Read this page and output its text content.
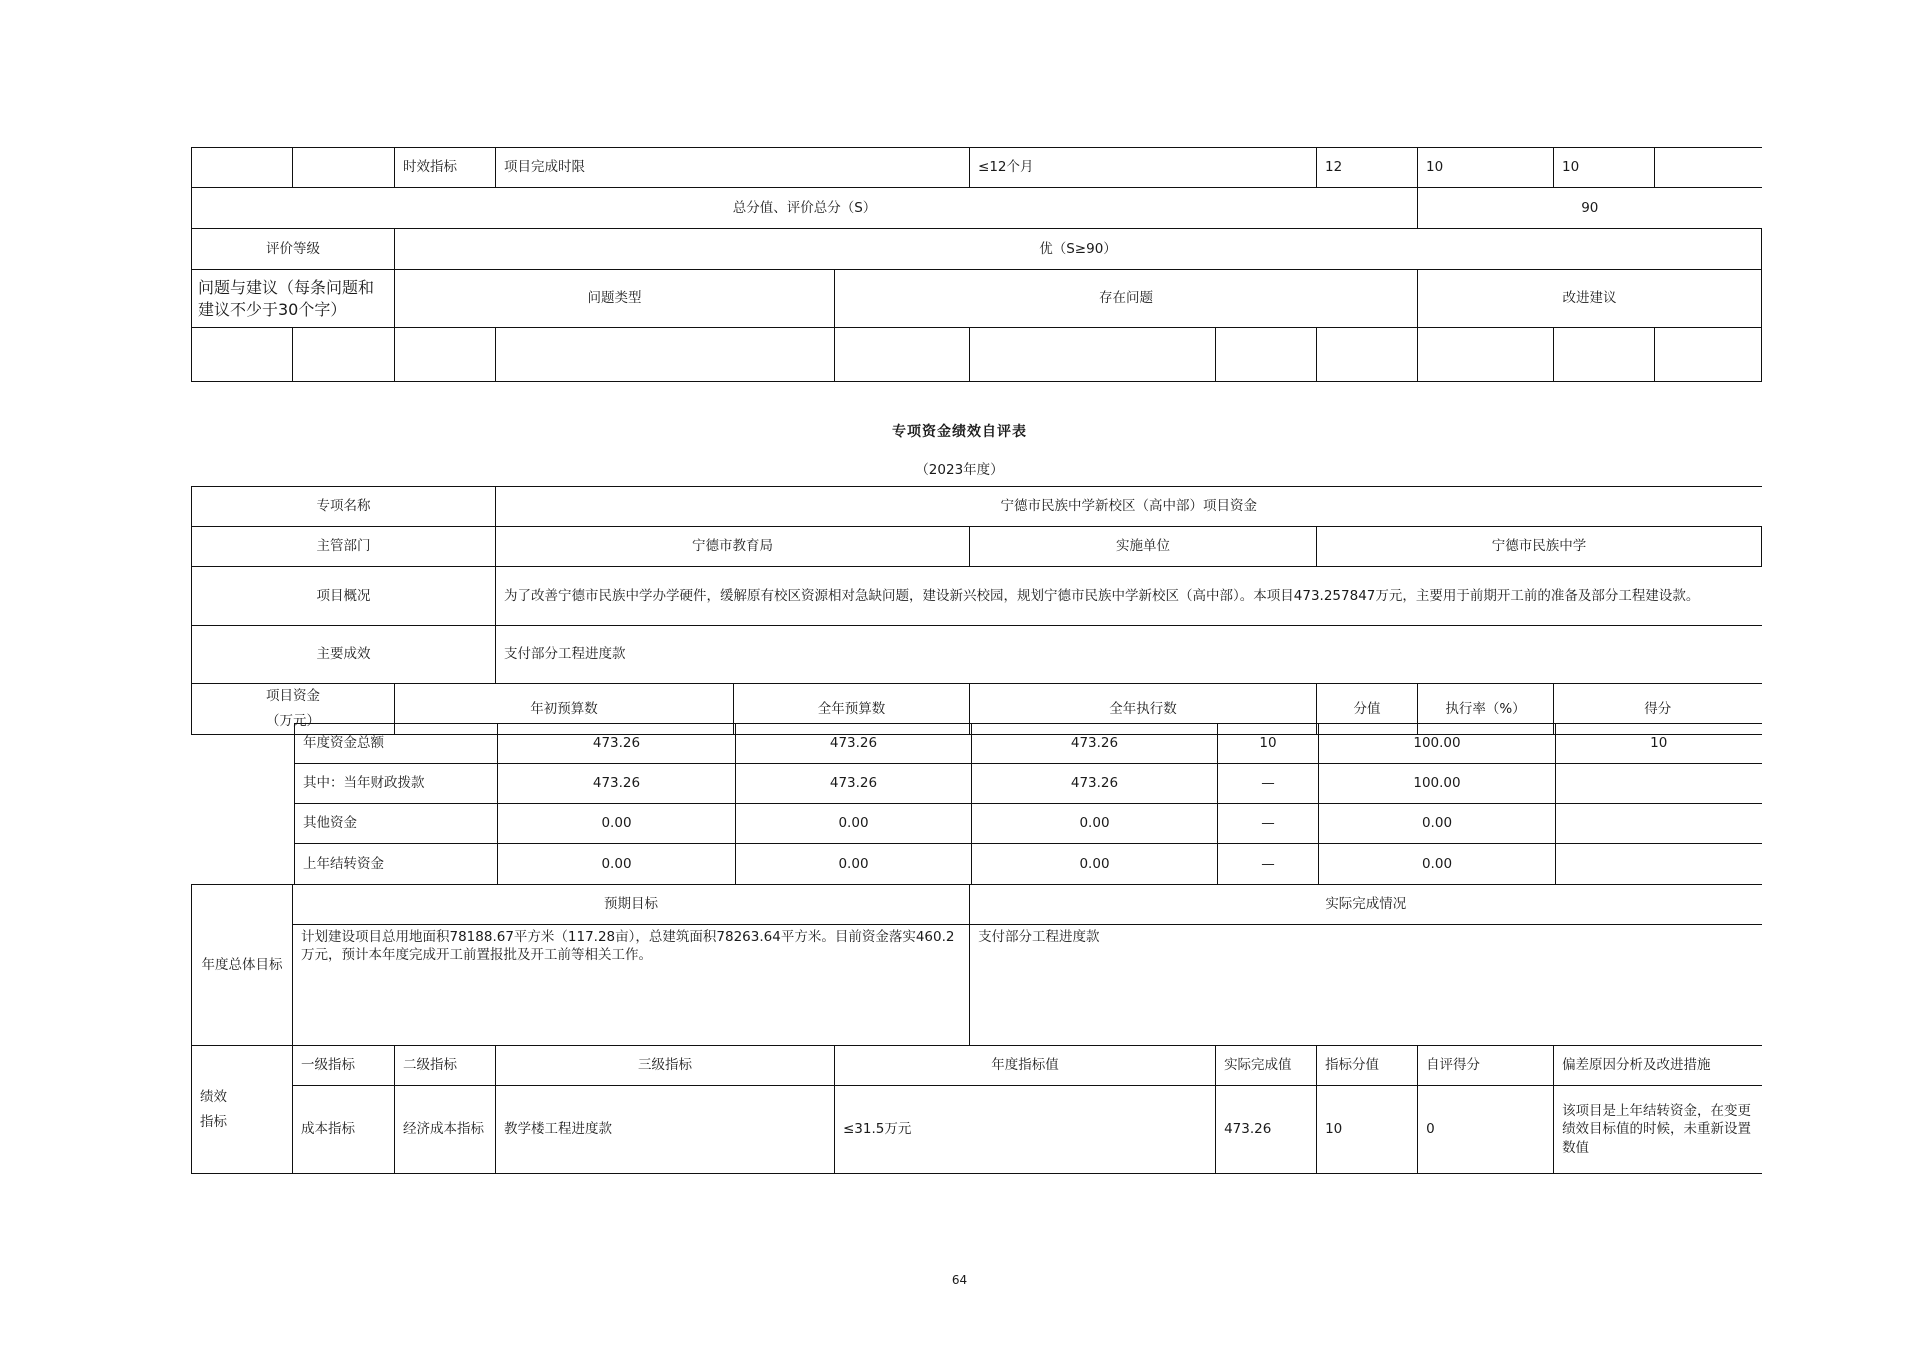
		时效指标	项目完成时限		≤12个月		12	10	10	
总分值、评价总分（S）								90		
评价等级		优（S≥90）								
问题与建议（每条问题和建议不少于30个字）		问题类型		存在问题				改进建议		

专项资金绩效自评表
（2023年度）
专项名称		宁德市民族中学新校区（高中部）项目资金					
主管部门		宁德市教育局		实施单位	宁德市民族中学		
项目概况		为了改善宁德市民族中学办学硬件，缓解原有校区资源相对急缺问题，建设新兴校园，规划宁德市民族中学新校区（高中部）。本项目473.257847万元，主要用于前期开工前的准备及部分工程建设款。					
主要成效		支付部分工程进度款					

项目资金（万元）	年初预算数		全年预算数	全年执行数	分值	执行率（%）	得分
年度资金总额	473.26	473.26	473.26	10	100.00	10
其中：当年财政拨款	473.26	473.26	473.26	—	100.00	
其他资金	0.00	0.00	0.00	—	0.00	
上年结转资金	0.00	0.00	0.00	—	0.00	
年度总体目标	预期目标				实际完成情况				
	计划建设项目总用地面积78188.67平方米（117.28亩），总建筑面积78263.64平方米。目前资金落实460.2万元，预计本年度完成开工前置报批及开工前等相关工作。				支付部分工程进度款				

绩效指标	一级指标	二级指标	三级指标	年度指标值		实际完成值	指标分值	自评得分	偏差原因分析及改进措施
	成本指标	经济成本指标	教学楼工程进度款	≤31.5万元		473.26	10	0	该项目是上年结转资金，在变更绩效目标值的时候，未重新设置数值
64
